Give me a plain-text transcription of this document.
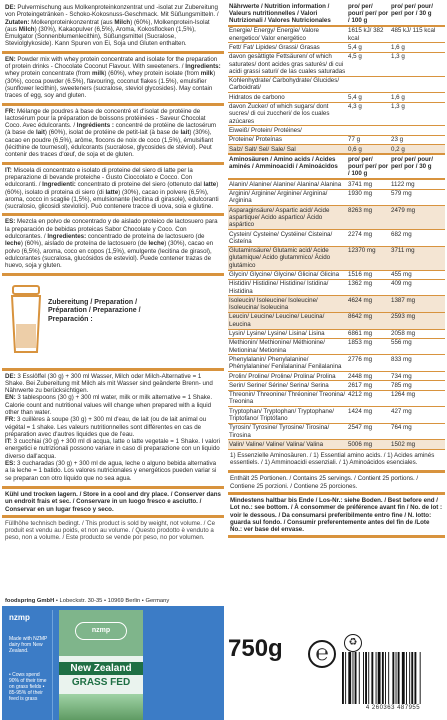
DE: Pulvermischung aus Molkenproteinkonzentrat und -isolat zur Zubereitung von Proteingetränken - Schoko-Kokosnuss-Geschmack. Mit Süßungsmitteln. / Zutaten: Molkenproteinkonzentrat (aus Milch) (60%), Molkenprotein-Isolat (aus Milch) (30%), Kakaopulver (6,5%), Aroma, Kokosflocken (1,5%), Emulgator (Sonnenblumenlecithin), Süßungsmittel (Sucralose, Steviolglykoside). Kann Spuren von Ei, Soja und Gluten enthalten.

EN: Powder mix with whey protein concentrate and isolate for the preparation of protein drinks - Chocolate Coconut Flavour. With sweeteners. / Ingredients: whey protein concentrate (from milk) (60%), whey protein isolate (from milk) (30%), cocoa powder (6.5%), flavouring, coconut flakes (1.5%), emulsifier (sunflower lecithin), sweeteners (sucralose, steviol glycosides). May contain traces of egg, soy and gluten.

FR: Mélange de poudres à base de concentré et d'isolat de protéine de lactosérum pour la préparation de boissons protéinées - Saveur Chocolat Coco. Avec édulcorants. / Ingrédients : concentré de protéine de lactosérum (à base de lait) (60%), isolat de protéine de petit-lait (à base de lait) (30%), cacao en poudre (6,5%), arôme, flocons de noix de coco (1,5%), émulsifiant (lécithine de tournesol), édulcorants (sucralose, glycosides de stéviol). Peut contenir des traces d'œuf, de soja et de gluten.

IT: Miscela di concentrato e isolato di proteine del siero di latte per la preparazione di bevande proteiche - Gusto Cioccolato e Cocco. Con edulcoranti. / Ingredienti: concentrato di proteine del siero (ottenuto dal latte) (60%), isolato di proteina di siero (di latte) (30%), cacao in polvere (6,5%), aroma, cocco in scaglie (1,5%), emulsionante (lecitina di girasole), edulcoranti (sucralosio, glicosidi steviolici). Può contenere tracce di uova, soia e glutine.

ES: Mezcla en polvo de concentrado y de aislado proteico de lactosuero para la preparación de bebidas proteicas Sabor Chocolate y Coco. Con edulcorantes. / Ingredientes: concentrado de proteína de lactosuero (de leche) (60%), aislado de proteína de lactosuero (de leche) (30%), cacao en polvo (6,5%), aroma, coco en copos (1,5%), emulgente (lecitina de girasol), edulcorantes (sucralosa, glucósidos de esteviol). Puede contener trazas de huevo, soja y gluten.

Zubereitung / Preparation /
Préparation / Preparazione /
Preparación :
DE: 3 Esslöffel (30 g) + 300 ml Wasser, Milch oder Milch-Alternative = 1 Shake. Bei Zubereitung mit Milch als mit Wasser sind geänderte Brenn- und Nährwerte zu berücksichtigen.
EN: 3 tablespoons (30 g) + 300 ml water, milk or milk alternative = 1 Shake. Calorie count and nutritional values will change when prepared with a liquid other than water.
FR: 3 cuillères à soupe (30 g) + 300 ml d'eau, de lait (ou de lait animal ou végétal = 1 shake. Les valeurs nutritionnelles sont différentes en cas de préparation avec d'autres liquides que de l'eau.
IT: 3 cucchiai (30 g) + 300 ml di acqua, latte o latte vegetale = 1 Shake. I valori energetici e nutrizionali possono variare in caso di preparazione con un liquido diverso dall'acqua.
ES: 3 cucharadas (30 g) + 300 ml de agua, leche o alguno bebida alternativa a la leche = 1 batido. Los valores nutricionales y energéticos pueden variar si se preparan con otro líquido que no sea agua.
Kühl und trocken lagern. / Store in a cool and dry place. / Conserver dans un endroit frais et sec. / Conservare in un luogo fresco e asciutto. / Conservar en un lugar fresco y seco.
Füllhöhe technisch bedingt. / This product is sold by weight, not volume. / Ce produit est vendu au poids, et non au volume. / Questo prodotto è venduto a peso, non a volume. / Este producto se vende por peso, no por volumen.
foodspring GmbH • Lobeckstr. 30-35 • 10969 Berlin • Germany
nzmp
Made with NZMP dairy from New Zealand.
• Cows spend 90% of their time on grass fields • 85-95% of their feed is grass
nzmp
New Zealand
GRASS FED
Nährwerte / Nutrition information / Valeurs nutritionnelles / Valori Nutrizionali / Valores Nutricionales	pro/ per/ pour/ per/ por / 100 g	pro/ per/ pour/ per/ por / 30 g
Energie/ Energy/ Energie/ Valore energetico/ Valor energético	1615 kJ/ 382 kcal	485 kJ/ 115 kcal
Fett/ Fat/ Lipides/ Grassi/ Grasas	5,4 g	1,6 g
davon gesättigte Fettsäuren/ of which saturates/ dont acides gras saturés/ di cui acidi grassi saturi/ de las cuales saturadas	4,5 g	1,3 g
Kohlenhydrate/ Carbohydrate/ Glucides/ Carboidrati/		
Hidratos de carbono	5,4 g	1,6 g
davon Zucker/ of which sugars/ dont sucres/ di cui zuccheri/ de los cuales azúcares	4,3 g	1,3 g
Eiweiß/ Protein/ Protéines/		
Proteine/ Proteínas	77 g	23 g
Salz/ Salt/ Sel/ Sale/ Sal	0,6 g	0,2 g
Aminosäuren / Amino acids / Acides aminés / Amminoacidi / Aminoácidos	pro/ per/ pour/ per/ por / 100 g	pro/ per/ pour/ per/ por / 30 g
Alanin/ Alanine/ Alanine/ Alanina/ Alanina	3741 mg	1122 mg
Arginin/ Arginine/ Arginine/ Arginina/ Arginina	1930 mg	579 mg
Asparaginsäure/ Aspartic acid/ Acide aspartique/ Acido aspartico/ Ácido aspártico	8263 mg	2479 mg
Cystein/ Cysteine/ Cystéine/ Cisteina/ Cisteína	2274 mg	682 mg
Glutaminsäure/ Glutamic acid/ Acide glutamique/ Acido glutammico/ Ácido glutámico	12370 mg	3711 mg
Glycin/ Glycine/ Glycine/ Glicina/ Glicina	1516 mg	455 mg
Histidin/ Histidine/ Histidine/ Istidina/ Histidina	1362 mg	409 mg
Isoleucin/ Isoleucine/ Isoleucine/ Isoleucina/ Isoleucina	4624 mg	1387 mg
Leucin/ Leucine/ Leucine/ Leucina/ Leucina	8642 mg	2593 mg
Lysin/ Lysine/ Lysine/ Lisina/ Lisina	6861 mg	2058 mg
Methionin/ Methionine/ Méthionine/ Metionina/ Metionina	1853 mg	556 mg
Phenylalanin/ Phenylalanine/ Phénylalanine/ Fenilalanina/ Fenilalanina	2776 mg	833 mg
Prolin/ Proline/ Proline/ Prolina/ Prolina	2448 mg	734 mg
Serin/ Serine/ Sérine/ Serina/ Serina	2617 mg	785 mg
Threonin/ Threonine/ Thréonine/ Treonina/ Treonina	4212 mg	1264 mg
Tryptophan/ Tryptophan/ Tryptophane/ Triptofano/ Triptófano	1424 mg	427 mg
Tyrosin/ Tyrosine/ Tyrosine/ Tirosina/ Tirosina	2547 mg	764 mg
Valin/ Valine/ Valine/ Valina/ Valina	5006 mg	1502 mg
1) Essenzielle Aminosäuren. / 1) Essential amino acids. / 1) Acides aminés essentiels. / 1) Amminoacidi essenziali. / 1) Aminoácidos esenciales.
Enthält 25 Portionen. / Contains 25 servings. / Contient 25 portions. / Contiene 25 porzioni. / Contiene 25 porciones.
Mindestens haltbar bis Ende / Los-Nr.: siehe Boden. / Best before end / Lot no.: see bottom. / À consommer de préférence avant fin / No. de lot : voir le dessous. / Da consumarsi preferibilmente entro fine / N. lotto: guarda sul fondo. / Consumir preferentemente antes del fin de /Lote No.: ver base del envase.
750g	℮	♻
4 260363 487955
